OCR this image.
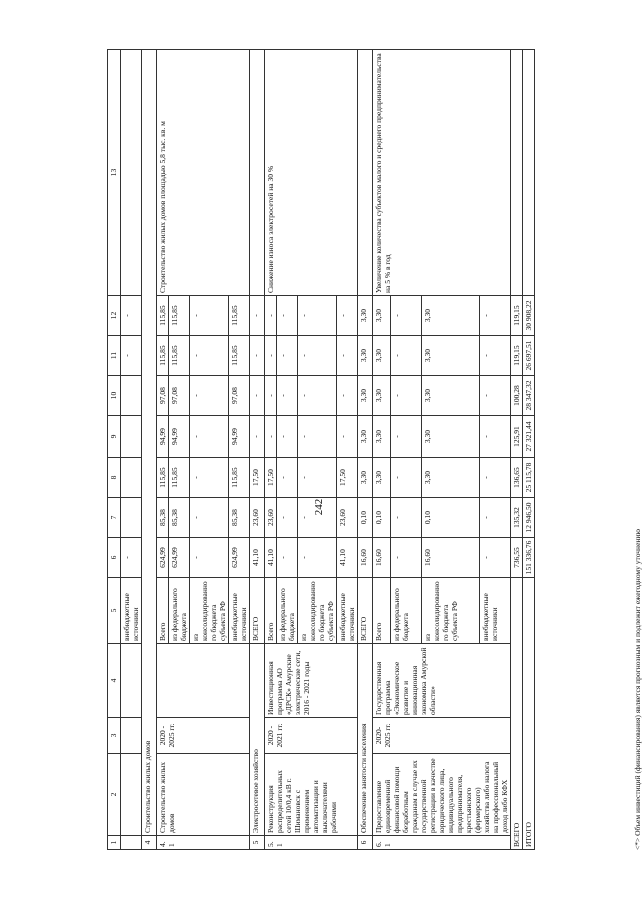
242
1	2	3	4	5	6	7	8	9	10	11	12	13
				внебюджетные источники	-					-	-	
4	Строительство жилых домов											
4.1	Строительство жилых домов	2020 - 2025 гг.		Всего	624,99	85,38	115,85	94,99	97,08	115,85	115,85	Строительство жилых домов площадью 5,8 тыс. кв. м
				из федерального бюджета	624,99	85,38	115,85	94,99	97,08	115,85	115,85	
				из консолидированного бюджета субъекта РФ	-	-	-	-	-	-	-	
				внебюджетные источники	624,99	85,38	115,85	94,99	97,08	115,85	115,85	
5	Электросетевое хозяйство			ВСЕГО	41,10	23,60	17,50	-	-	-	-	
5.1	Реконструкция распределительных сетей 10/0,4 кВ г. Шимановск с применением автоматизации и выключателями рабочими	2020 - 2021 гг.	Инвестиционная программа АО «ДРСК» Амурские электрические сети, 2016 - 2021 годы	Всего	41,10	23,60	17,50	-	-	-	-	Снижение износа электросетей на 30 %
				из федерального бюджета	-	-	-	-	-	-	-	
				из консолидированного бюджета субъекта РФ	-	-	-	-	-	-	-	
				внебюджетные источники	41,10	23,60	17,50	-	-	-	-	
6	Обеспечение занятости населения			ВСЕГО	16,60	0,10	3,30	3,30	3,30	3,30	3,30	
6.1	Предоставление единовременной финансовой помощи безработным гражданам в случае их государственной регистрации в качестве юридического лица, индивидуального предпринимателя, крестьянского (фермерского) хозяйства либо налога на профессиональный доход либо КФХ	2020-2025 гг.	Государственная программа «Экономическое развитие и инновационная экономика Амурской области»	Всего	16,60	0,10	3,30	3,30	3,30	3,30	3,30	Увеличение количества субъектов малого и среднего предпринимательства на 5 % в год
				из федерального бюджета	-	-	-	-	-	-	-	
				из консолидированного бюджета субъекта РФ	16,60	0,10	3,30	3,30	3,30	3,30	3,30	
				внебюджетные источники	-	-	-	-	-	-	-	
ВСЕГО					736,55	135,32	136,65	125,91	100,28	119,15	119,15	
ИТОГО					151 336,76	12 946,50	25 115,78	27 321,44	28 347,32	26 697,51	30 908,22	
<*> Объем инвестиций (финансирования) является прогнозным и подлежит ежегодному уточнению
